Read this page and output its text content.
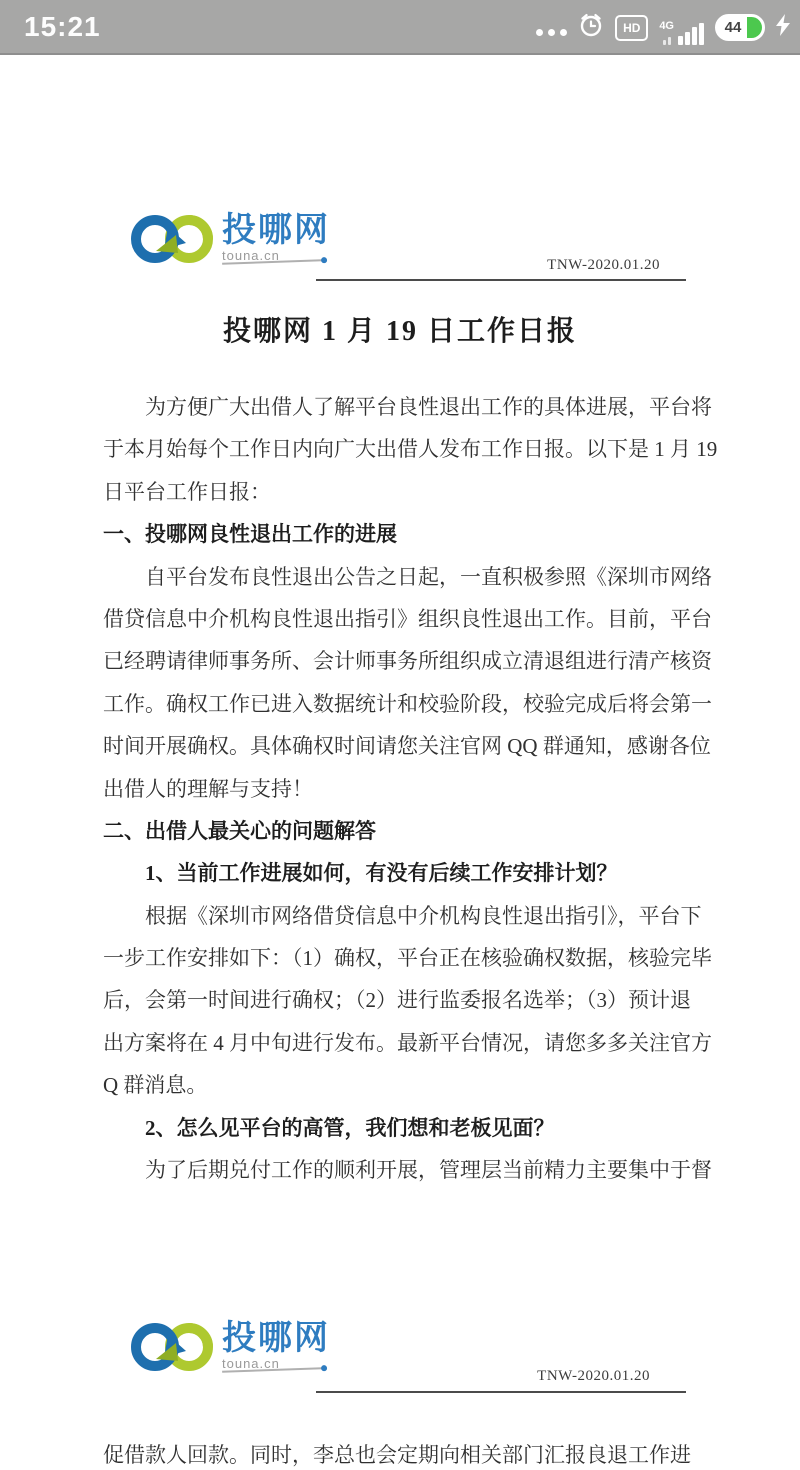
15:21	HD	4G	44
投哪网
touna.cn
TNW-2020.01.20
投哪网 1 月 19 日工作日报
为方便广大出借人了解平台良性退出工作的具体进展，平台将
于本月始每个工作日内向广大出借人发布工作日报。以下是 1 月 19
日平台工作日报：
一、投哪网良性退出工作的进展
自平台发布良性退出公告之日起，一直积极参照《深圳市网络
借贷信息中介机构良性退出指引》组织良性退出工作。目前，平台
已经聘请律师事务所、会计师事务所组织成立清退组进行清产核资
工作。确权工作已进入数据统计和校验阶段，校验完成后将会第一
时间开展确权。具体确权时间请您关注官网 QQ 群通知，感谢各位
出借人的理解与支持！
二、出借人最关心的问题解答
1、当前工作进展如何，有没有后续工作安排计划？
根据《深圳市网络借贷信息中介机构良性退出指引》，平台下
一步工作安排如下：（1）确权，平台正在核验确权数据，核验完毕
后，会第一时间进行确权；（2）进行监委报名选举；（3）预计退
出方案将在 4 月中旬进行发布。最新平台情况，请您多多关注官方
Q 群消息。
2、怎么见平台的高管，我们想和老板见面？
为了后期兑付工作的顺利开展，管理层当前精力主要集中于督
投哪网
touna.cn
TNW-2020.01.20
促借款人回款。同时，李总也会定期向相关部门汇报良退工作进
